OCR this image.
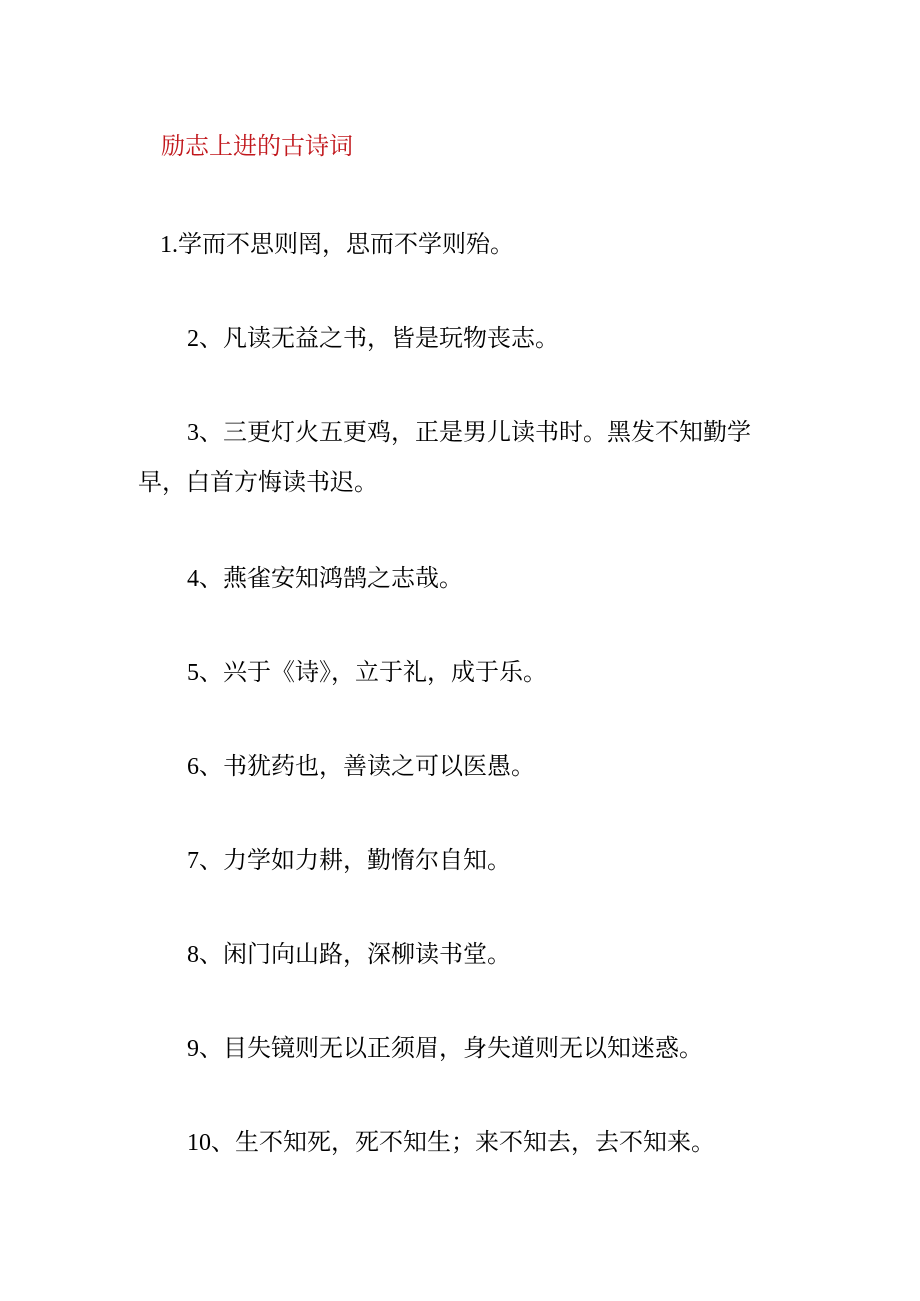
励志上进的古诗词
1.学而不思则罔，思而不学则殆。
2、凡读无益之书，皆是玩物丧志。
3、三更灯火五更鸡，正是男儿读书时。黑发不知勤学
早，白首方悔读书迟。
4、燕雀安知鸿鹄之志哉。
5、兴于《诗》，立于礼，成于乐。
6、书犹药也，善读之可以医愚。
7、力学如力耕，勤惰尔自知。
8、闲门向山路，深柳读书堂。
9、目失镜则无以正须眉，身失道则无以知迷惑。
10、生不知死，死不知生；来不知去，去不知来。
